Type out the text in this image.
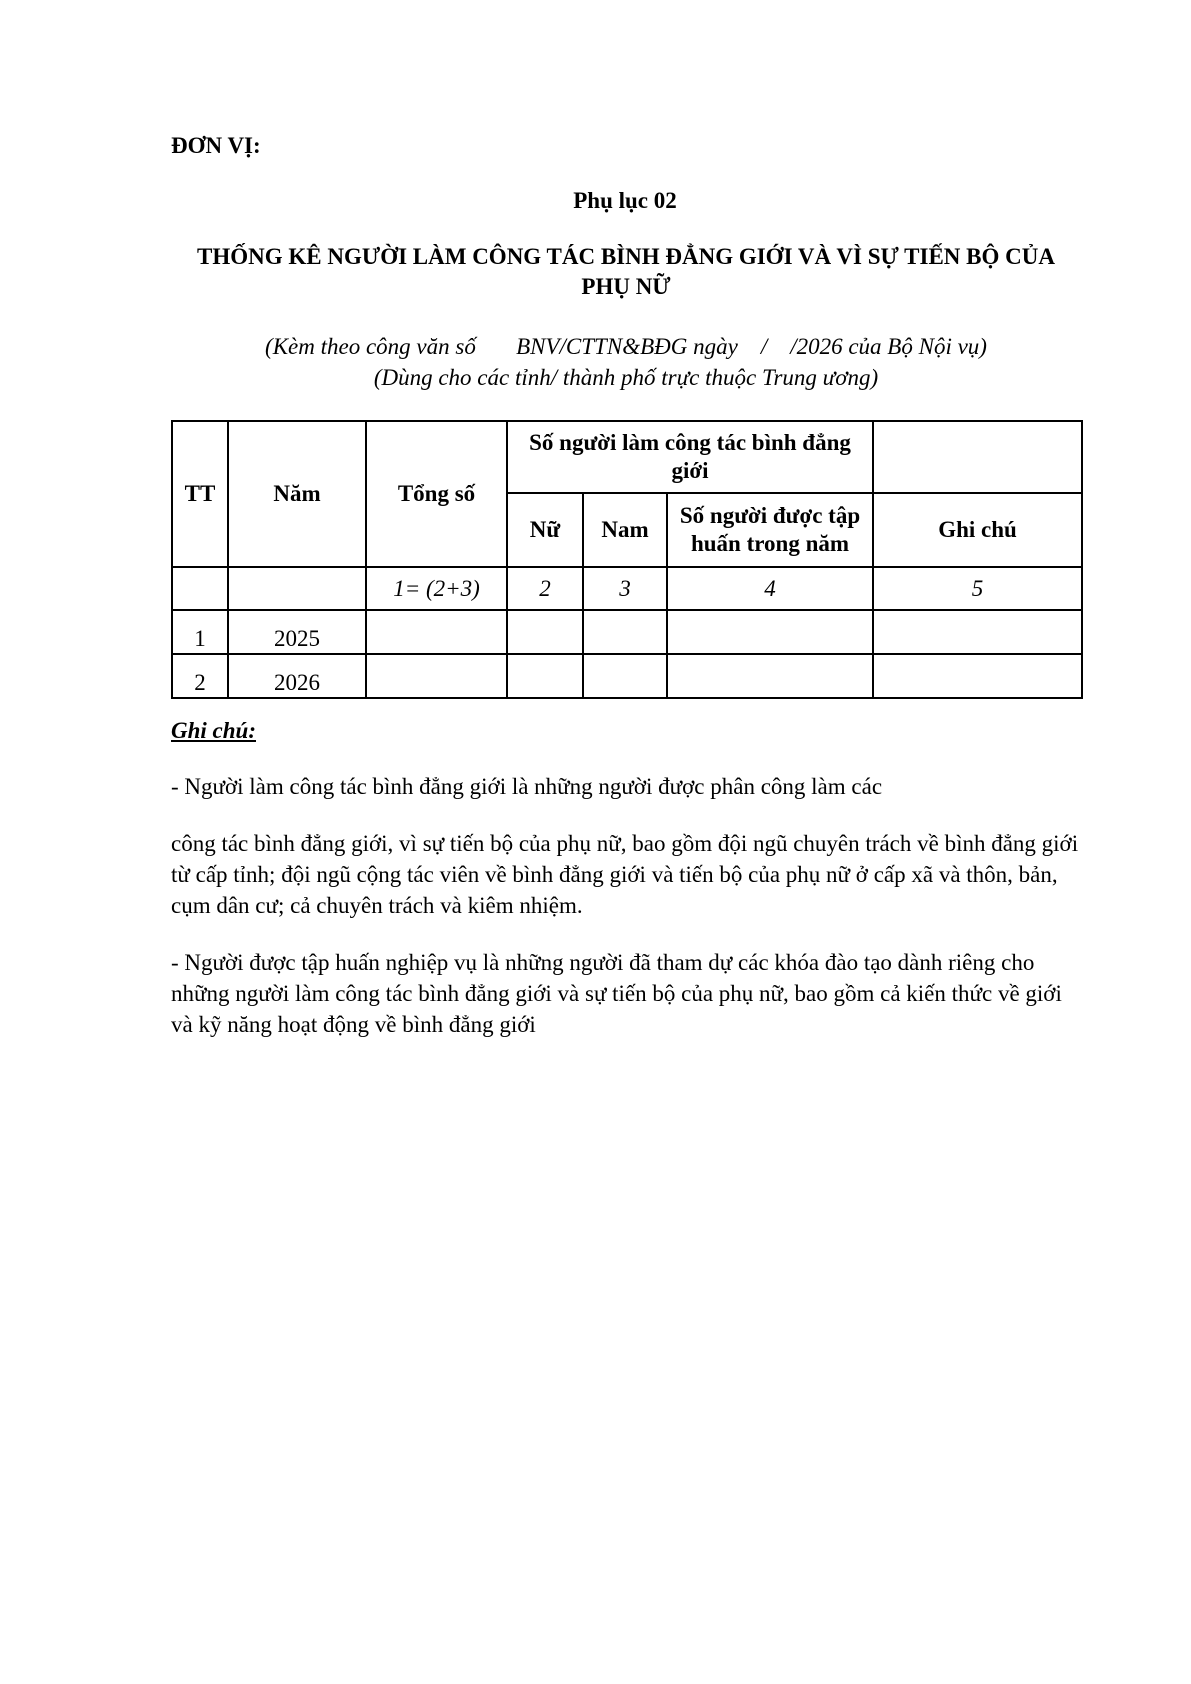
ĐƠN VỊ:
Phụ lục 02
THỐNG KÊ NGƯỜI LÀM CÔNG TÁC BÌNH ĐẲNG GIỚI VÀ VÌ SỰ TIẾN BỘ CỦA PHỤ NỮ
(Kèm theo công văn số BNV/CTTN&BĐG ngày / /2026 của Bộ Nội vụ)
(Dùng cho các tỉnh/ thành phố trực thuộc Trung ương)
TT	Năm	Tổng số	Số người làm công tác bình đẳng giới			
			Nữ	Nam	Số người được tập huấn trong năm	Ghi chú
		1= (2+3)	2	3	4	5
1	2025					
2	2026					
Ghi chú:

- Người làm công tác bình đẳng giới là những người được phân công làm các

công tác bình đẳng giới, vì sự tiến bộ của phụ nữ, bao gồm đội ngũ chuyên trách về bình đẳng giới từ cấp tỉnh; đội ngũ cộng tác viên về bình đẳng giới và tiến bộ của phụ nữ ở cấp xã và thôn, bản, cụm dân cư; cả chuyên trách và kiêm nhiệm.

- Người được tập huấn nghiệp vụ là những người đã tham dự các khóa đào tạo dành riêng cho những người làm công tác bình đẳng giới và sự tiến bộ của phụ nữ, bao gồm cả kiến thức về giới và kỹ năng hoạt động về bình đẳng giới
